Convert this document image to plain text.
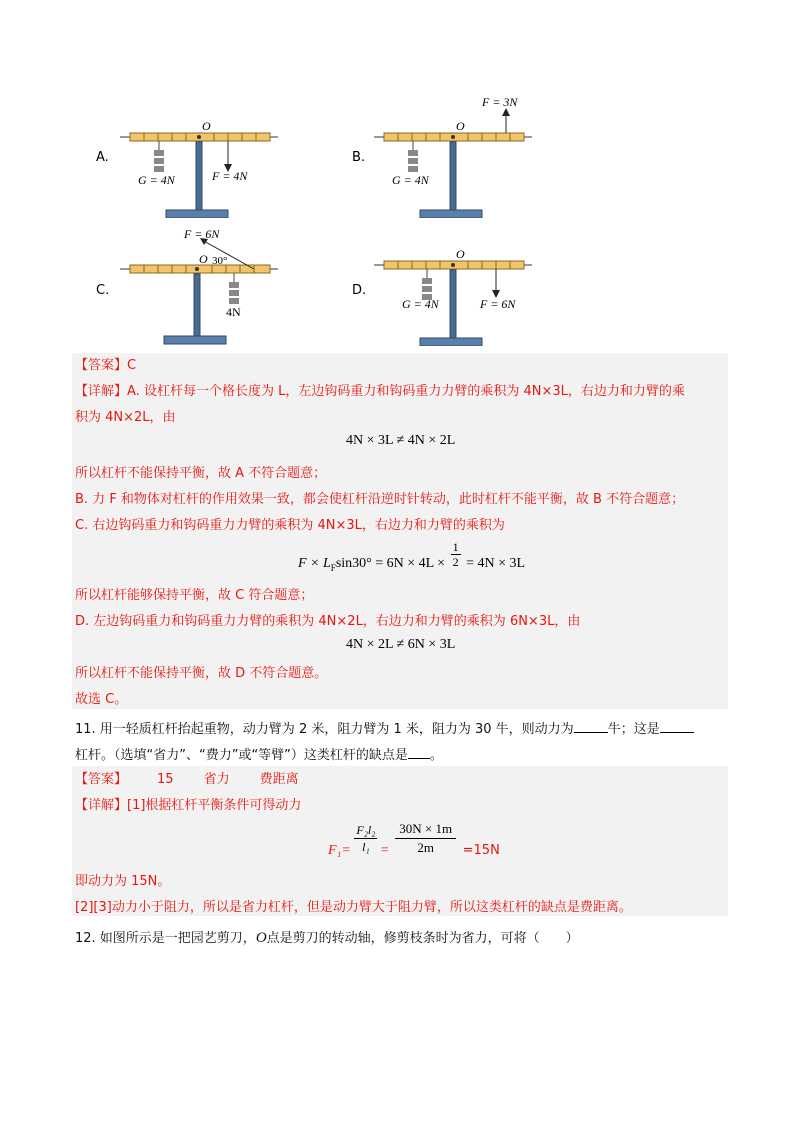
A.
O
G = 4N	F = 4N
B.
O
F = 3N
G = 4N
C.
O 30°
F = 6N
4N
D.
O
G = 4N	F = 6N
【答案】C
【详解】A. 设杠杆每一个格长度为 L，左边钩码重力和钩码重力力臂的乘积为 4N×3L，右边力和力臂的乘
积为 4N×2L，由
4N × 3L ≠ 4N × 2L
所以杠杆不能保持平衡，故 A 不符合题意；
B. 力 F 和物体对杠杆的作用效果一致，都会使杠杆沿逆时针转动，此时杠杆不能平衡，故 B 不符合题意；
C. 右边钩码重力和钩码重力力臂的乘积为 4N×3L，右边力和力臂的乘积为
$F \times L_F\sin 30^\circ = 6N \times 4L \times \frac{1}{2} = 4N \times 3L$
所以杠杆能够保持平衡，故 C 符合题意；
D. 左边钩码重力和钩码重力力臂的乘积为 4N×2L，右边力和力臂的乘积为 6N×3L，由
4N × 2L ≠ 6N × 3L
所以杠杆不能保持平衡，故 D 不符合题意。
故选 C。
11. 用一轻质杠杆抬起重物，动力臂为 2 米，阻力臂为 1 米，阻力为 30 牛，则动力为	牛；这是
杠杆。（选填“省力”、“费力”或“等臂”）这类杠杆的缺点是 。
【答案】 15 省力 费距离
【详解】[1]根据杠杆平衡条件可得动力
$F_1= \frac{\text{F₂l₂}}{\text{l₁}} = \frac{30N \times 1m}{2m} =15N$
即动力为 15N。
[2][3]动力小于阻力，所以是省力杠杆，但是动力臂大于阻力臂，所以这类杠杆的缺点是费距离。
12. 如图所示是一把园艺剪刀，O点是剪刀的转动轴，修剪枝条时为省力，可将（　　）
